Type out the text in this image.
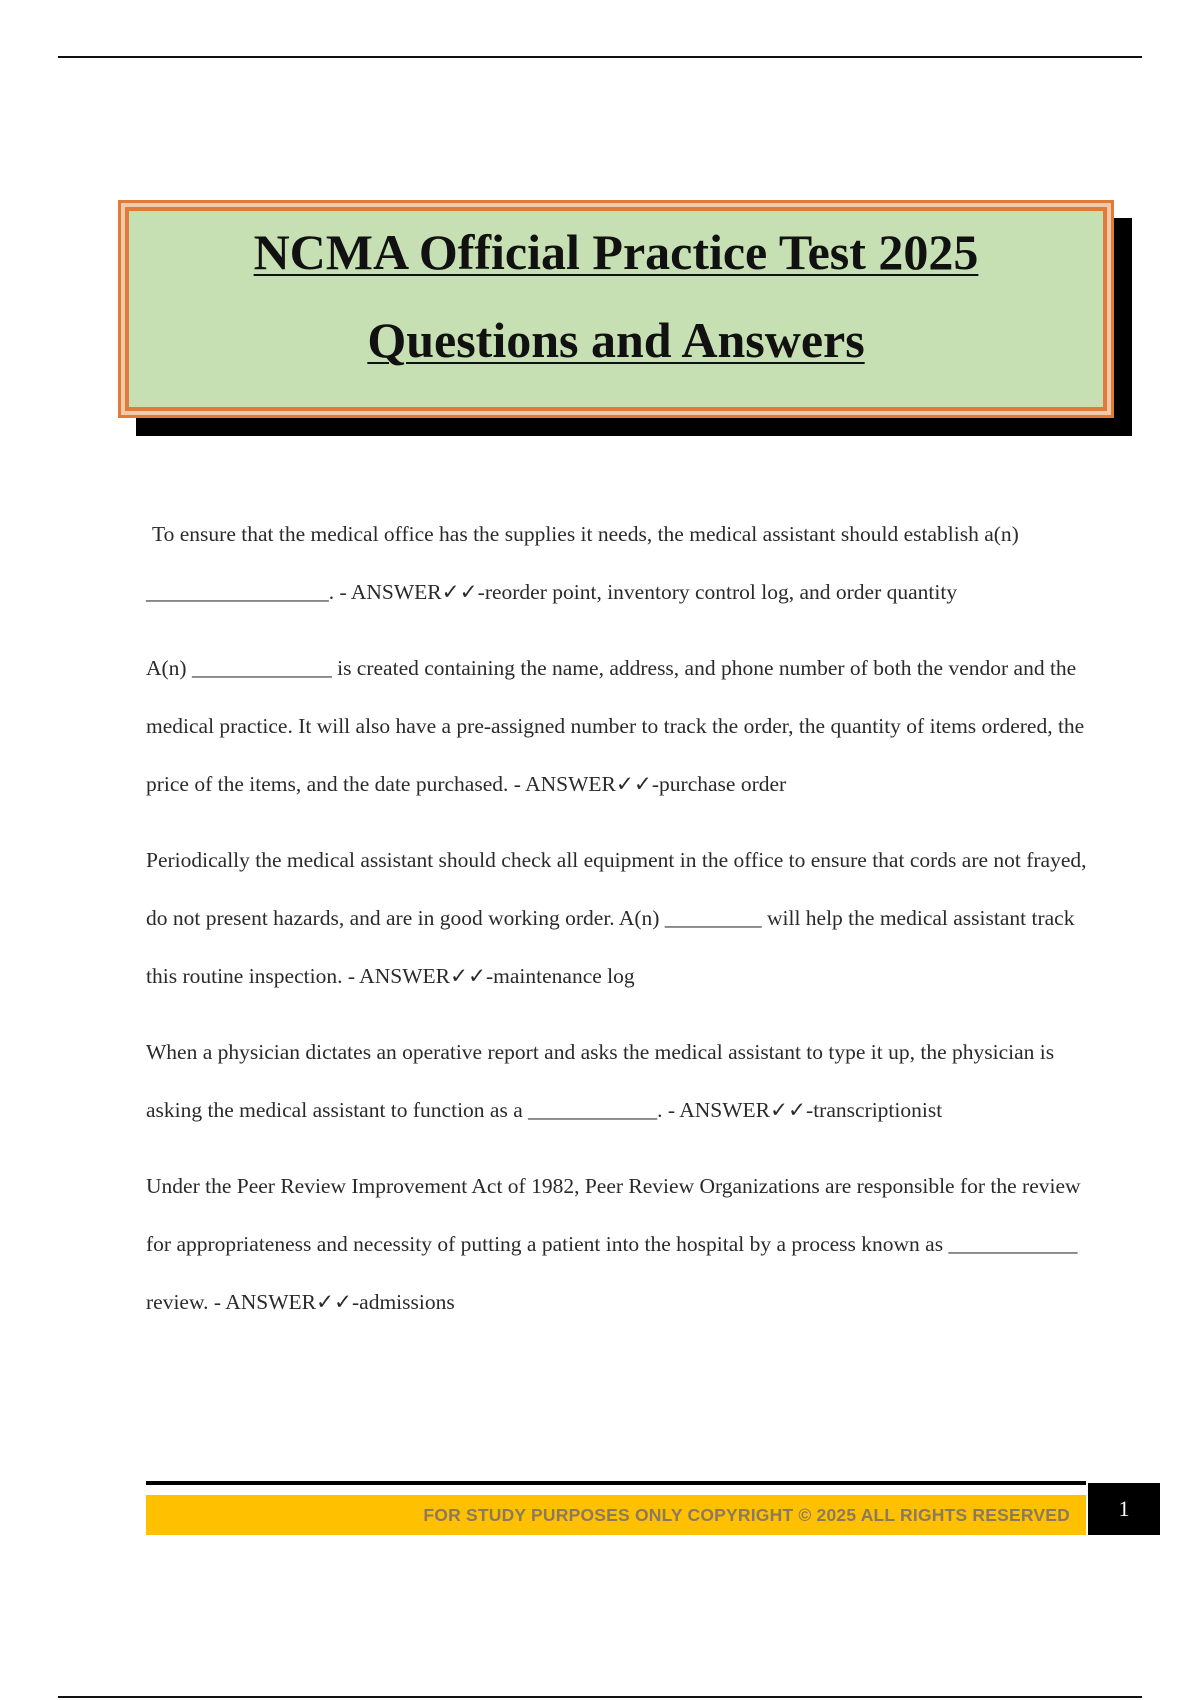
NCMA Official Practice Test 2025
Questions and Answers

To ensure that the medical office has the supplies it needs, the medical assistant should establish a(n) _________________. - ANSWER✓✓-reorder point, inventory control log, and order quantity

A(n) _____________ is created containing the name, address, and phone number of both the vendor and the medical practice. It will also have a pre-assigned number to track the order, the quantity of items ordered, the price of the items, and the date purchased. - ANSWER✓✓-purchase order

Periodically the medical assistant should check all equipment in the office to ensure that cords are not frayed, do not present hazards, and are in good working order. A(n) _________ will help the medical assistant track this routine inspection. - ANSWER✓✓-maintenance log

When a physician dictates an operative report and asks the medical assistant to type it up, the physician is asking the medical assistant to function as a ____________. - ANSWER✓✓-transcriptionist

Under the Peer Review Improvement Act of 1982, Peer Review Organizations are responsible for the review for appropriateness and necessity of putting a patient into the hospital by a process known as ____________ review. - ANSWER✓✓-admissions

FOR STUDY PURPOSES ONLY COPYRIGHT © 2025 ALL RIGHTS RESERVED	1
